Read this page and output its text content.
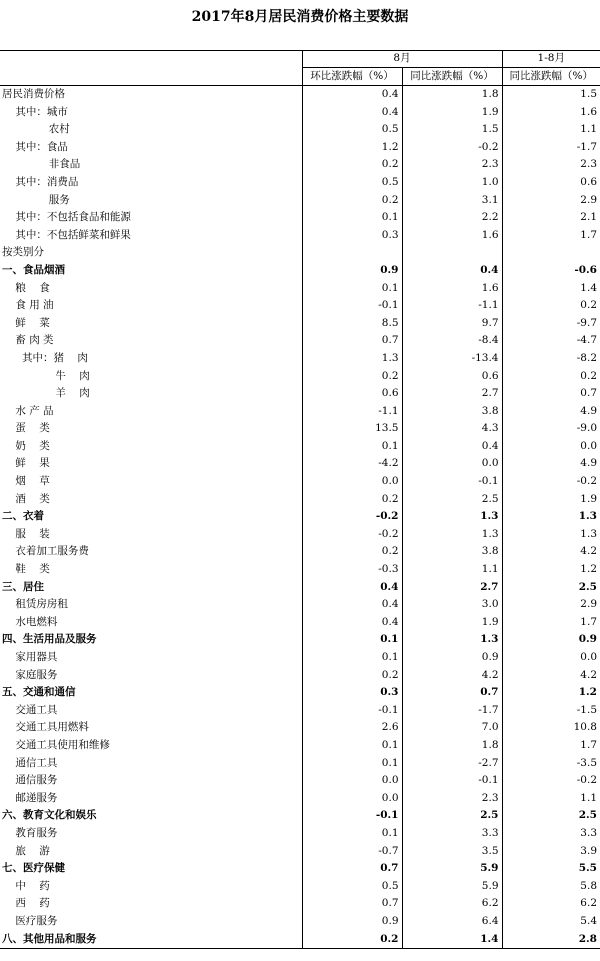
2017年8月居民消费价格主要数据
	8月		1-8月
	环比涨跌幅（%）	同比涨跌幅（%）	同比涨跌幅（%）
居民消费价格	0.4	1.8	1.5
其中：城市	0.4	1.9	1.6
农村	0.5	1.5	1.1
其中：食品	1.2	-0.2	-1.7
非食品	0.2	2.3	2.3
其中：消费品	0.5	1.0	0.6
服务	0.2	3.1	2.9
其中：不包括食品和能源	0.1	2.2	2.1
其中：不包括鲜菜和鲜果	0.3	1.6	1.7
按类别分			
一、食品烟酒	0.9	0.4	-0.6
粮    食	0.1	1.6	1.4
食 用 油	-0.1	-1.1	0.2
鲜    菜	8.5	9.7	-9.7
畜 肉 类	0.7	-8.4	-4.7
其中：猪    肉	1.3	-13.4	-8.2
牛    肉	0.2	0.6	0.2
羊    肉	0.6	2.7	0.7
水 产 品	-1.1	3.8	4.9
蛋    类	13.5	4.3	-9.0
奶    类	0.1	0.4	0.0
鲜    果	-4.2	0.0	4.9
烟    草	0.0	-0.1	-0.2
酒    类	0.2	2.5	1.9
二、衣着	-0.2	1.3	1.3
服    装	-0.2	1.3	1.3
衣着加工服务费	0.2	3.8	4.2
鞋    类	-0.3	1.1	1.2
三、居住	0.4	2.7	2.5
租赁房房租	0.4	3.0	2.9
水电燃料	0.4	1.9	1.7
四、生活用品及服务	0.1	1.3	0.9
家用器具	0.1	0.9	0.0
家庭服务	0.2	4.2	4.2
五、交通和通信	0.3	0.7	1.2
交通工具	-0.1	-1.7	-1.5
交通工具用燃料	2.6	7.0	10.8
交通工具使用和维修	0.1	1.8	1.7
通信工具	0.1	-2.7	-3.5
通信服务	0.0	-0.1	-0.2
邮递服务	0.0	2.3	1.1
六、教育文化和娱乐	-0.1	2.5	2.5
教育服务	0.1	3.3	3.3
旅    游	-0.7	3.5	3.9
七、医疗保健	0.7	5.9	5.5
中    药	0.5	5.9	5.8
西    药	0.7	6.2	6.2
医疗服务	0.9	6.4	5.4
八、其他用品和服务	0.2	1.4	2.8
